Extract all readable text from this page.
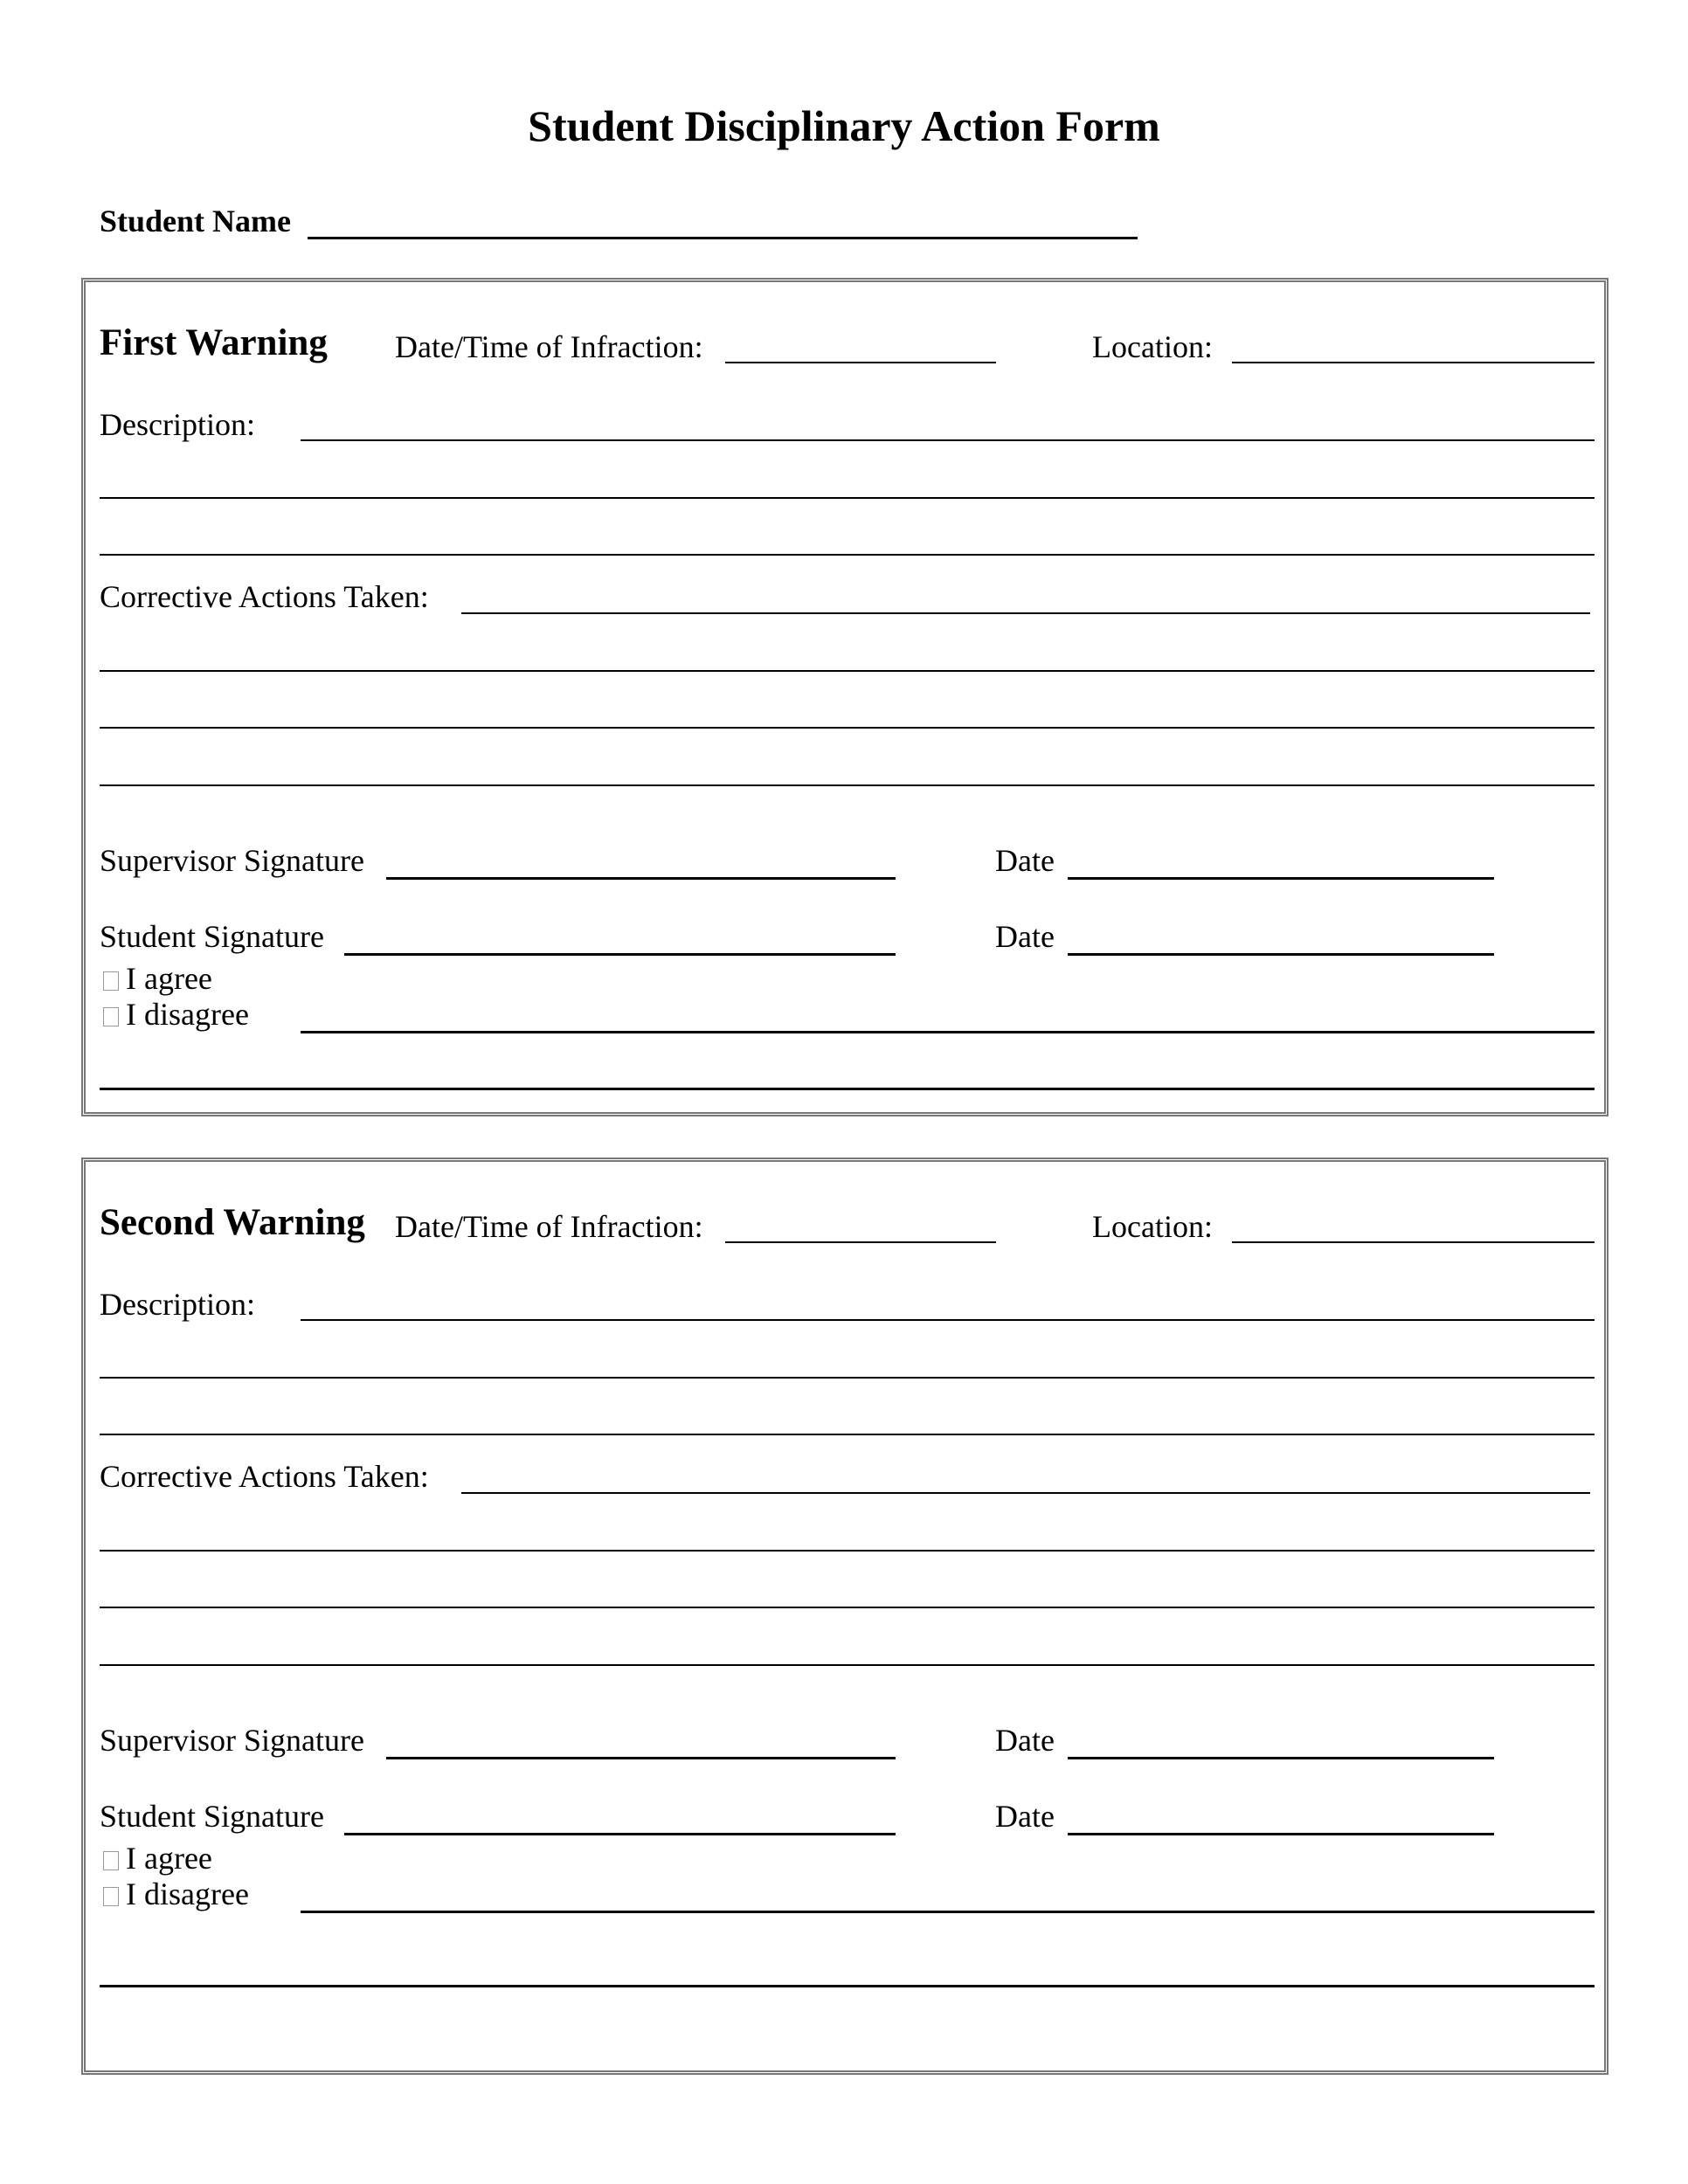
Student Disciplinary Action Form
Student Name
First Warning Date/Time of Infraction:	Location:
Description:
Corrective Actions Taken:
Supervisor Signature	Date
Student Signature	Date
I agree
I disagree
Second Warning Date/Time of Infraction:	Location:
Description:
Corrective Actions Taken:
Supervisor Signature	Date
Student Signature	Date
I agree
I disagree
